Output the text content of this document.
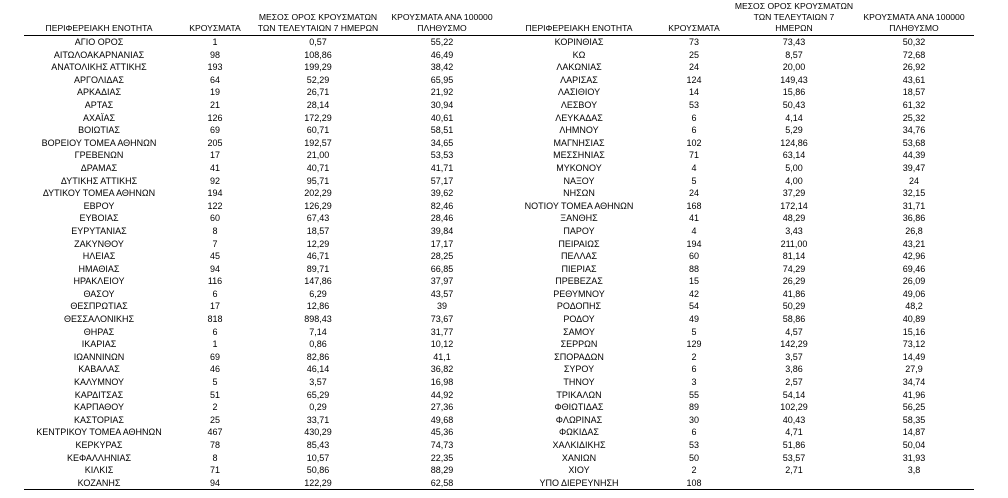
ΠΕΡΙΦΕΡΕΙΑΚΗ ΕΝΟΤΗΤΑ	ΚΡΟΥΣΜΑΤΑ	ΜΕΣΟΣ ΟΡΟΣ ΚΡΟΥΣΜΑΤΩΝ ΤΩΝ ΤΕΛΕΥΤΑΙΩΝ 7 ΗΜΕΡΩΝ	ΚΡΟΥΣΜΑΤΑ ΑΝΑ 100000 ΠΛΗΘΥΣΜΟ
ΑΓΙΟ ΟΡΟΣ	1	0,57	55,22
ΑΙΤΩΛΟΑΚΑΡΝΑΝΙΑΣ	98	108,86	46,49
ΑΝΑΤΟΛΙΚΗΣ ΑΤΤΙΚΗΣ	193	199,29	38,42
ΑΡΓΟΛΙΔΑΣ	64	52,29	65,95
ΑΡΚΑΔΙΑΣ	19	26,71	21,92
ΑΡΤΑΣ	21	28,14	30,94
ΑΧΑΪΑΣ	126	172,29	40,61
ΒΟΙΩΤΙΑΣ	69	60,71	58,51
ΒΟΡΕΙΟΥ ΤΟΜΕΑ ΑΘΗΝΩΝ	205	192,57	34,65
ΓΡΕΒΕΝΩΝ	17	21,00	53,53
ΔΡΑΜΑΣ	41	40,71	41,71
ΔΥΤΙΚΗΣ ΑΤΤΙΚΗΣ	92	95,71	57,17
ΔΥΤΙΚΟΥ ΤΟΜΕΑ ΑΘΗΝΩΝ	194	202,29	39,62
ΕΒΡΟΥ	122	126,29	82,46
ΕΥΒΟΙΑΣ	60	67,43	28,46
ΕΥΡΥΤΑΝΙΑΣ	8	18,57	39,84
ΖΑΚΥΝΘΟΥ	7	12,29	17,17
ΗΛΕΙΑΣ	45	46,71	28,25
ΗΜΑΘΙΑΣ	94	89,71	66,85
ΗΡΑΚΛΕΙΟΥ	116	147,86	37,97
ΘΑΣΟΥ	6	6,29	43,57
ΘΕΣΠΡΩΤΙΑΣ	17	12,86	39
ΘΕΣΣΑΛΟΝΙΚΗΣ	818	898,43	73,67
ΘΗΡΑΣ	6	7,14	31,77
ΙΚΑΡΙΑΣ	1	0,86	10,12
ΙΩΑΝΝΙΝΩΝ	69	82,86	41,1
ΚΑΒΑΛΑΣ	46	46,14	36,82
ΚΑΛΥΜΝΟΥ	5	3,57	16,98
ΚΑΡΔΙΤΣΑΣ	51	65,29	44,92
ΚΑΡΠΑΘΟΥ	2	0,29	27,36
ΚΑΣΤΟΡΙΑΣ	25	33,71	49,68
ΚΕΝΤΡΙΚΟΥ ΤΟΜΕΑ ΑΘΗΝΩΝ	467	430,29	45,36
ΚΕΡΚΥΡΑΣ	78	85,43	74,73
ΚΕΦΑΛΛΗΝΙΑΣ	8	10,57	22,35
ΚΙΛΚΙΣ	71	50,86	88,29
ΚΟΖΑΝΗΣ	94	122,29	62,58
ΠΕΡΙΦΕΡΕΙΑΚΗ ΕΝΟΤΗΤΑ	ΚΡΟΥΣΜΑΤΑ	ΜΕΣΟΣ ΟΡΟΣ ΚΡΟΥΣΜΑΤΩΝ ΤΩΝ ΤΕΛΕΥΤΑΙΩΝ 7 ΗΜΕΡΩΝ	ΚΡΟΥΣΜΑΤΑ ΑΝΑ 100000 ΠΛΗΘΥΣΜΟ
ΚΟΡΙΝΘΙΑΣ	73	73,43	50,32
ΚΩ	25	8,57	72,68
ΛΑΚΩΝΙΑΣ	24	20,00	26,92
ΛΑΡΙΣΑΣ	124	149,43	43,61
ΛΑΣΙΘΙΟΥ	14	15,86	18,57
ΛΕΣΒΟΥ	53	50,43	61,32
ΛΕΥΚΑΔΑΣ	6	4,14	25,32
ΛΗΜΝΟΥ	6	5,29	34,76
ΜΑΓΝΗΣΙΑΣ	102	124,86	53,68
ΜΕΣΣΗΝΙΑΣ	71	63,14	44,39
ΜΥΚΟΝΟΥ	4	5,00	39,47
ΝΑΞΟΥ	5	4,00	24
ΝΗΣΩΝ	24	37,29	32,15
ΝΟΤΙΟΥ ΤΟΜΕΑ ΑΘΗΝΩΝ	168	172,14	31,71
ΞΑΝΘΗΣ	41	48,29	36,86
ΠΑΡΟΥ	4	3,43	26,8
ΠΕΙΡΑΙΩΣ	194	211,00	43,21
ΠΕΛΛΑΣ	60	81,14	42,96
ΠΙΕΡΙΑΣ	88	74,29	69,46
ΠΡΕΒΕΖΑΣ	15	26,29	26,09
ΡΕΘΥΜΝΟΥ	42	41,86	49,06
ΡΟΔΟΠΗΣ	54	50,29	48,2
ΡΟΔΟΥ	49	58,86	40,89
ΣΑΜΟΥ	5	4,57	15,16
ΣΕΡΡΩΝ	129	142,29	73,12
ΣΠΟΡΑΔΩΝ	2	3,57	14,49
ΣΥΡΟΥ	6	3,86	27,9
ΤΗΝΟΥ	3	2,57	34,74
ΤΡΙΚΑΛΩΝ	55	54,14	41,96
ΦΘΙΩΤΙΔΑΣ	89	102,29	56,25
ΦΛΩΡΙΝΑΣ	30	40,43	58,35
ΦΩΚΙΔΑΣ	6	4,71	14,87
ΧΑΛΚΙΔΙΚΗΣ	53	51,86	50,04
ΧΑΝΙΩΝ	50	53,57	31,93
ΧΙΟΥ	2	2,71	3,8
ΥΠΟ ΔΙΕΡΕΥΝΗΣΗ	108		
